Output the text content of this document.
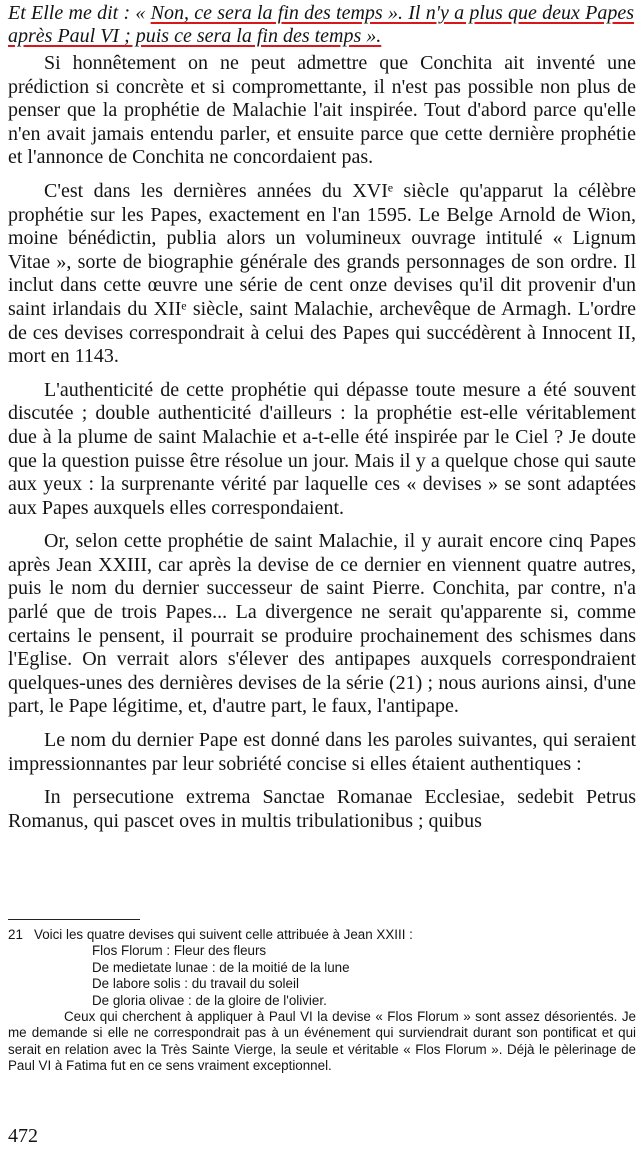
Et Elle me dit : « Non, ce sera la fin des temps ». Il n'y a plus que deux Papes après Paul VI ; puis ce sera la fin des temps ».

Si honnêtement on ne peut admettre que Conchita ait inventé une prédiction si concrète et si compromettante, il n'est pas possible non plus de penser que la prophétie de Malachie l'ait inspirée. Tout d'abord parce qu'elle n'en avait jamais entendu parler, et ensuite parce que cette dernière prophétie et l'annonce de Conchita ne concordaient pas.

C'est dans les dernières années du XVIᵉ siècle qu'apparut la célèbre prophétie sur les Papes, exactement en l'an 1595. Le Belge Arnold de Wion, moine bénédictin, publia alors un volumineux ouvrage intitulé « Lignum Vitae », sorte de biographie générale des grands personnages de son ordre. Il inclut dans cette œuvre une série de cent onze devises qu'il dit provenir d'un saint irlandais du XIIᵉ siècle, saint Malachie, archevêque de Armagh. L'ordre de ces devises correspondrait à celui des Papes qui succédèrent à Innocent II, mort en 1143.

L'authenticité de cette prophétie qui dépasse toute mesure a été souvent discutée ; double authenticité d'ailleurs : la prophétie est-elle véritablement due à la plume de saint Malachie et a-t-elle été inspirée par le Ciel ? Je doute que la question puisse être résolue un jour. Mais il y a quelque chose qui saute aux yeux : la surprenante vérité par laquelle ces « devises » se sont adaptées aux Papes auxquels elles correspondaient.

Or, selon cette prophétie de saint Malachie, il y aurait encore cinq Papes après Jean XXIII, car après la devise de ce dernier en viennent quatre autres, puis le nom du dernier successeur de saint Pierre. Conchita, par contre, n'a parlé que de trois Papes... La divergence ne serait qu'apparente si, comme certains le pensent, il pourrait se produire prochainement des schismes dans l'Eglise. On verrait alors s'élever des antipapes auxquels correspondraient quelques-unes des dernières devises de la série (21) ; nous aurions ainsi, d'une part, le Pape légitime, et, d'autre part, le faux, l'antipape.

Le nom du dernier Pape est donné dans les paroles suivantes, qui seraient impressionnantes par leur sobriété concise si elles étaient authentiques :

In persecutione extrema Sanctae Romanae Ecclesiae, sedebit Petrus Romanus, qui pascet oves in multis tribulationibus ; quibus

21 Voici les quatre devises qui suivent celle attribuée à Jean XXIII :

Flos Florum : Fleur des fleurs
De medietate lunae : de la moitié de la lune
De labore solis : du travail du soleil
De gloria olivae : de la gloire de l'olivier.

Ceux qui cherchent à appliquer à Paul VI la devise « Flos Florum » sont assez désorientés. Je me demande si elle ne correspondrait pas à un événement qui surviendrait durant son pontificat et qui serait en relation avec la Très Sainte Vierge, la seule et véritable « Flos Florum ». Déjà le pèlerinage de Paul VI à Fatima fut en ce sens vraiment exceptionnel.

472
